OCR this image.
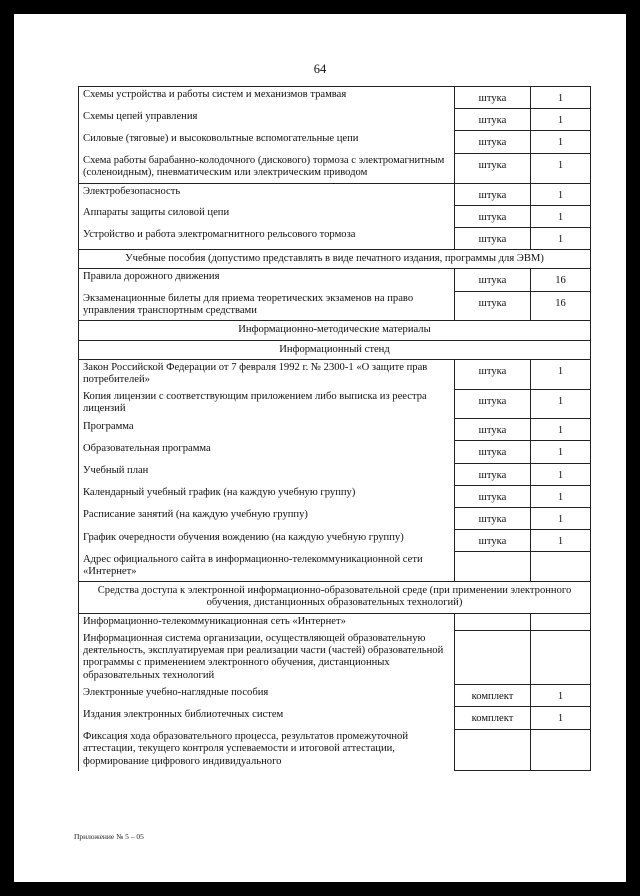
64
Схемы устройства и работы систем и механизмов трамвая	штука	1
Схемы цепей управления	штука	1
Силовые (тяговые) и высоковольтные вспомогательные цепи	штука	1
Схема работы барабанно-колодочного (дискового) тормоза с электромагнитным (соленоидным), пневматическим или электрическим приводом	штука	1
Электробезопасность	штука	1
Аппараты защиты силовой цепи	штука	1
Устройство и работа электромагнитного рельсового тормоза	штука	1
Учебные пособия (допустимо представлять в виде печатного издания, программы для ЭВМ)		
Правила дорожного движения	штука	16
Экзаменационные билеты для приема теоретических экзаменов на право управления транспортным средствами	штука	16
Информационно-методические материалы		
Информационный стенд		
Закон Российской Федерации от 7 февраля 1992 г. № 2300-1 «О защите прав потребителей»	штука	1
Копия лицензии с соответствующим приложением либо выписка из реестра лицензий	штука	1
Программа	штука	1
Образовательная программа	штука	1
Учебный план	штука	1
Календарный учебный график (на каждую учебную группу)	штука	1
Расписание занятий (на каждую учебную группу)	штука	1
График очередности обучения вождению (на каждую учебную группу)	штука	1
Адрес официального сайта в информационно-телекоммуникационной сети «Интернет»		
Средства доступа к электронной информационно-образовательной среде (при применении электронного обучения, дистанционных образовательных технологий)		
Информационно-телекоммуникационная сеть «Интернет»		
Информационная система организации, осуществляющей образовательную деятельность, эксплуатируемая при реализации части (частей) образовательной программы с применением электронного обучения, дистанционных образовательных технологий		
Электронные учебно-наглядные пособия	комплект	1
Издания электронных библиотечных систем	комплект	1
Фиксация хода образовательного процесса, результатов промежуточной аттестации, текущего контроля успеваемости и итоговой аттестации, формирование цифрового индивидуального		
Приложение № 5 – 05
